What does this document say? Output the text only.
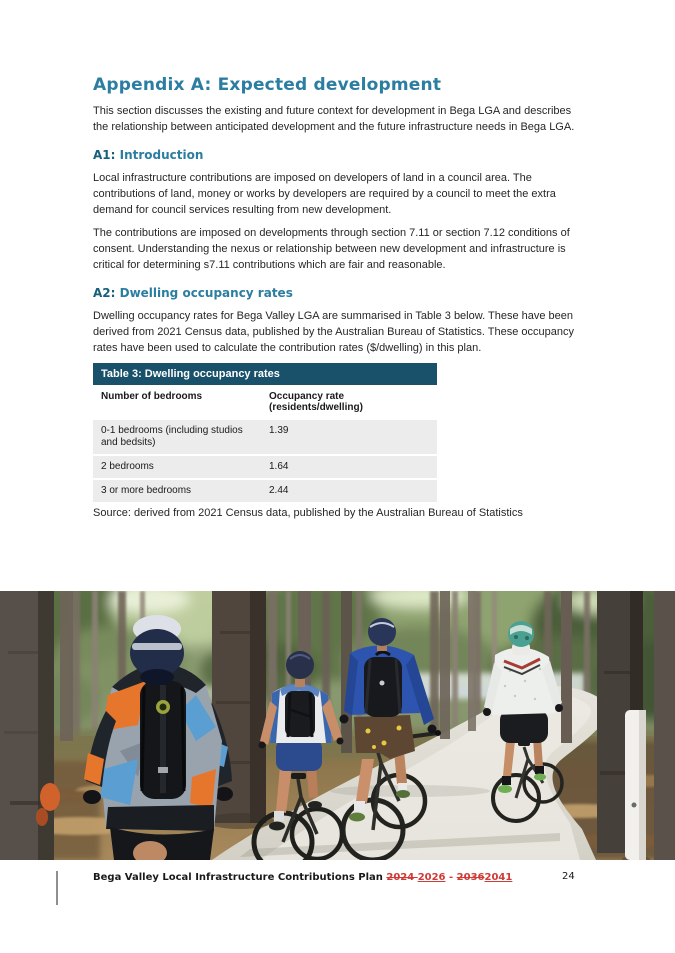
Appendix A: Expected development

This section discusses the existing and future context for development in Bega LGA and describes the relationship between anticipated development and the future infrastructure needs in Bega LGA.

A1: Introduction

Local infrastructure contributions are imposed on developers of land in a council area. The contributions of land, money or works by developers are required by a council to meet the extra demand for council services resulting from new development.

The contributions are imposed on developments through section 7.11 or section 7.12 conditions of consent. Understanding the nexus or relationship between new development and infrastructure is critical for determining s7.11 contributions which are fair and reasonable.

A2: Dwelling occupancy rates

Dwelling occupancy rates for Bega Valley LGA are summarised in Table 3 below. These have been derived from 2021 Census data, published by the Australian Bureau of Statistics. These occupancy rates have been used to calculate the contribution rates ($/dwelling) in this plan.

Table 3: Dwelling occupancy rates
Number of bedrooms	Occupancy rate (residents/dwelling)
0-1 bedrooms (including studios and bedsits)	1.39
2 bedrooms	1.64
3 or more bedrooms	2.44

Source: derived from 2021 Census data, published by the Australian Bureau of Statistics

Bega Valley Local Infrastructure Contributions Plan 2024 2026 - 20362041	24
